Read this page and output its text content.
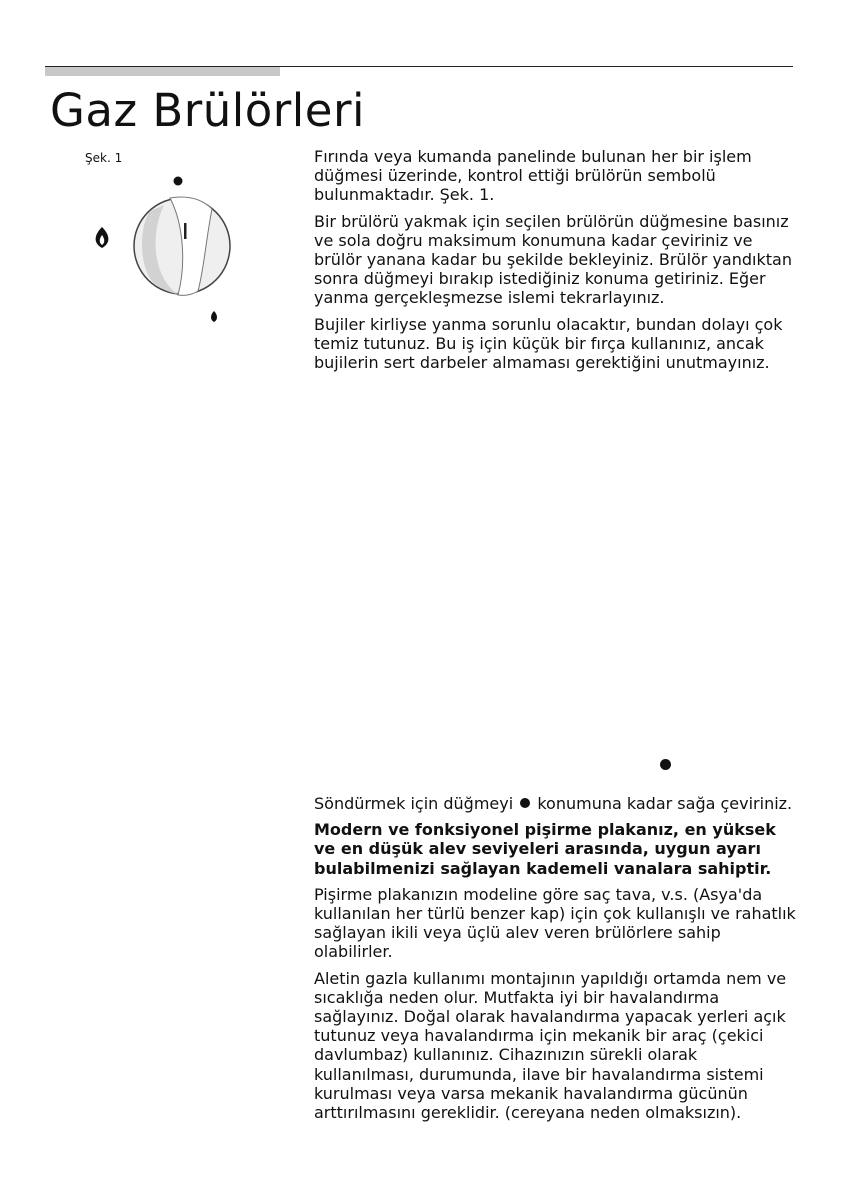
Gaz Brülörleri
Şek. 1	Fırında veya kumanda panelinde bulunan her bir işlem düğmesi üzerinde, kontrol ettiği brülörün sembolü bulunmaktadır. Şek. 1.

Bir brülörü yakmak için seçilen brülörün düğmesine basınız ve sola doğru maksimum konumuna kadar çeviriniz ve brülör yanana kadar bu şekilde bekleyiniz. Brülör yandıktan sonra düğmeyi bırakıp istediğiniz konuma getiriniz. Eğer yanma gerçekleşmezse islemi tekrarlayınız.

Bujiler kirliyse yanma sorunlu olacaktır, bundan dolayı çok temiz tutunuz. Bu iş için küçük bir fırça kullanınız, ancak bujilerin sert darbeler almaması gerektiğini unutmayınız.

Söndürmek için düğmeyi konumuna kadar sağa çeviriniz.

Modern ve fonksiyonel pişirme plakanız, en yüksek ve en düşük alev seviyeleri arasında, uygun ayarı bulabilmenizi sağlayan kademeli vanalara sahiptir.

Pişirme plakanızın modeline göre saç tava, v.s. (Asya'da kullanılan her türlü benzer kap) için çok kullanışlı ve rahatlık sağlayan ikili veya üçlü alev veren brülörlere sahip olabilirler.

Aletin gazla kullanımı montajının yapıldığı ortamda nem ve sıcaklığa neden olur. Mutfakta iyi bir havalandırma sağlayınız. Doğal olarak havalandırma yapacak yerleri açık tutunuz veya havalandırma için mekanik bir araç (çekici davlumbaz) kullanınız. Cihazınızın sürekli olarak kullanılması, durumunda, ilave bir havalandırma sistemi kurulması veya varsa mekanik havalandırma gücünün arttırılmasını gereklidir. (cereyana neden olmaksızın).
